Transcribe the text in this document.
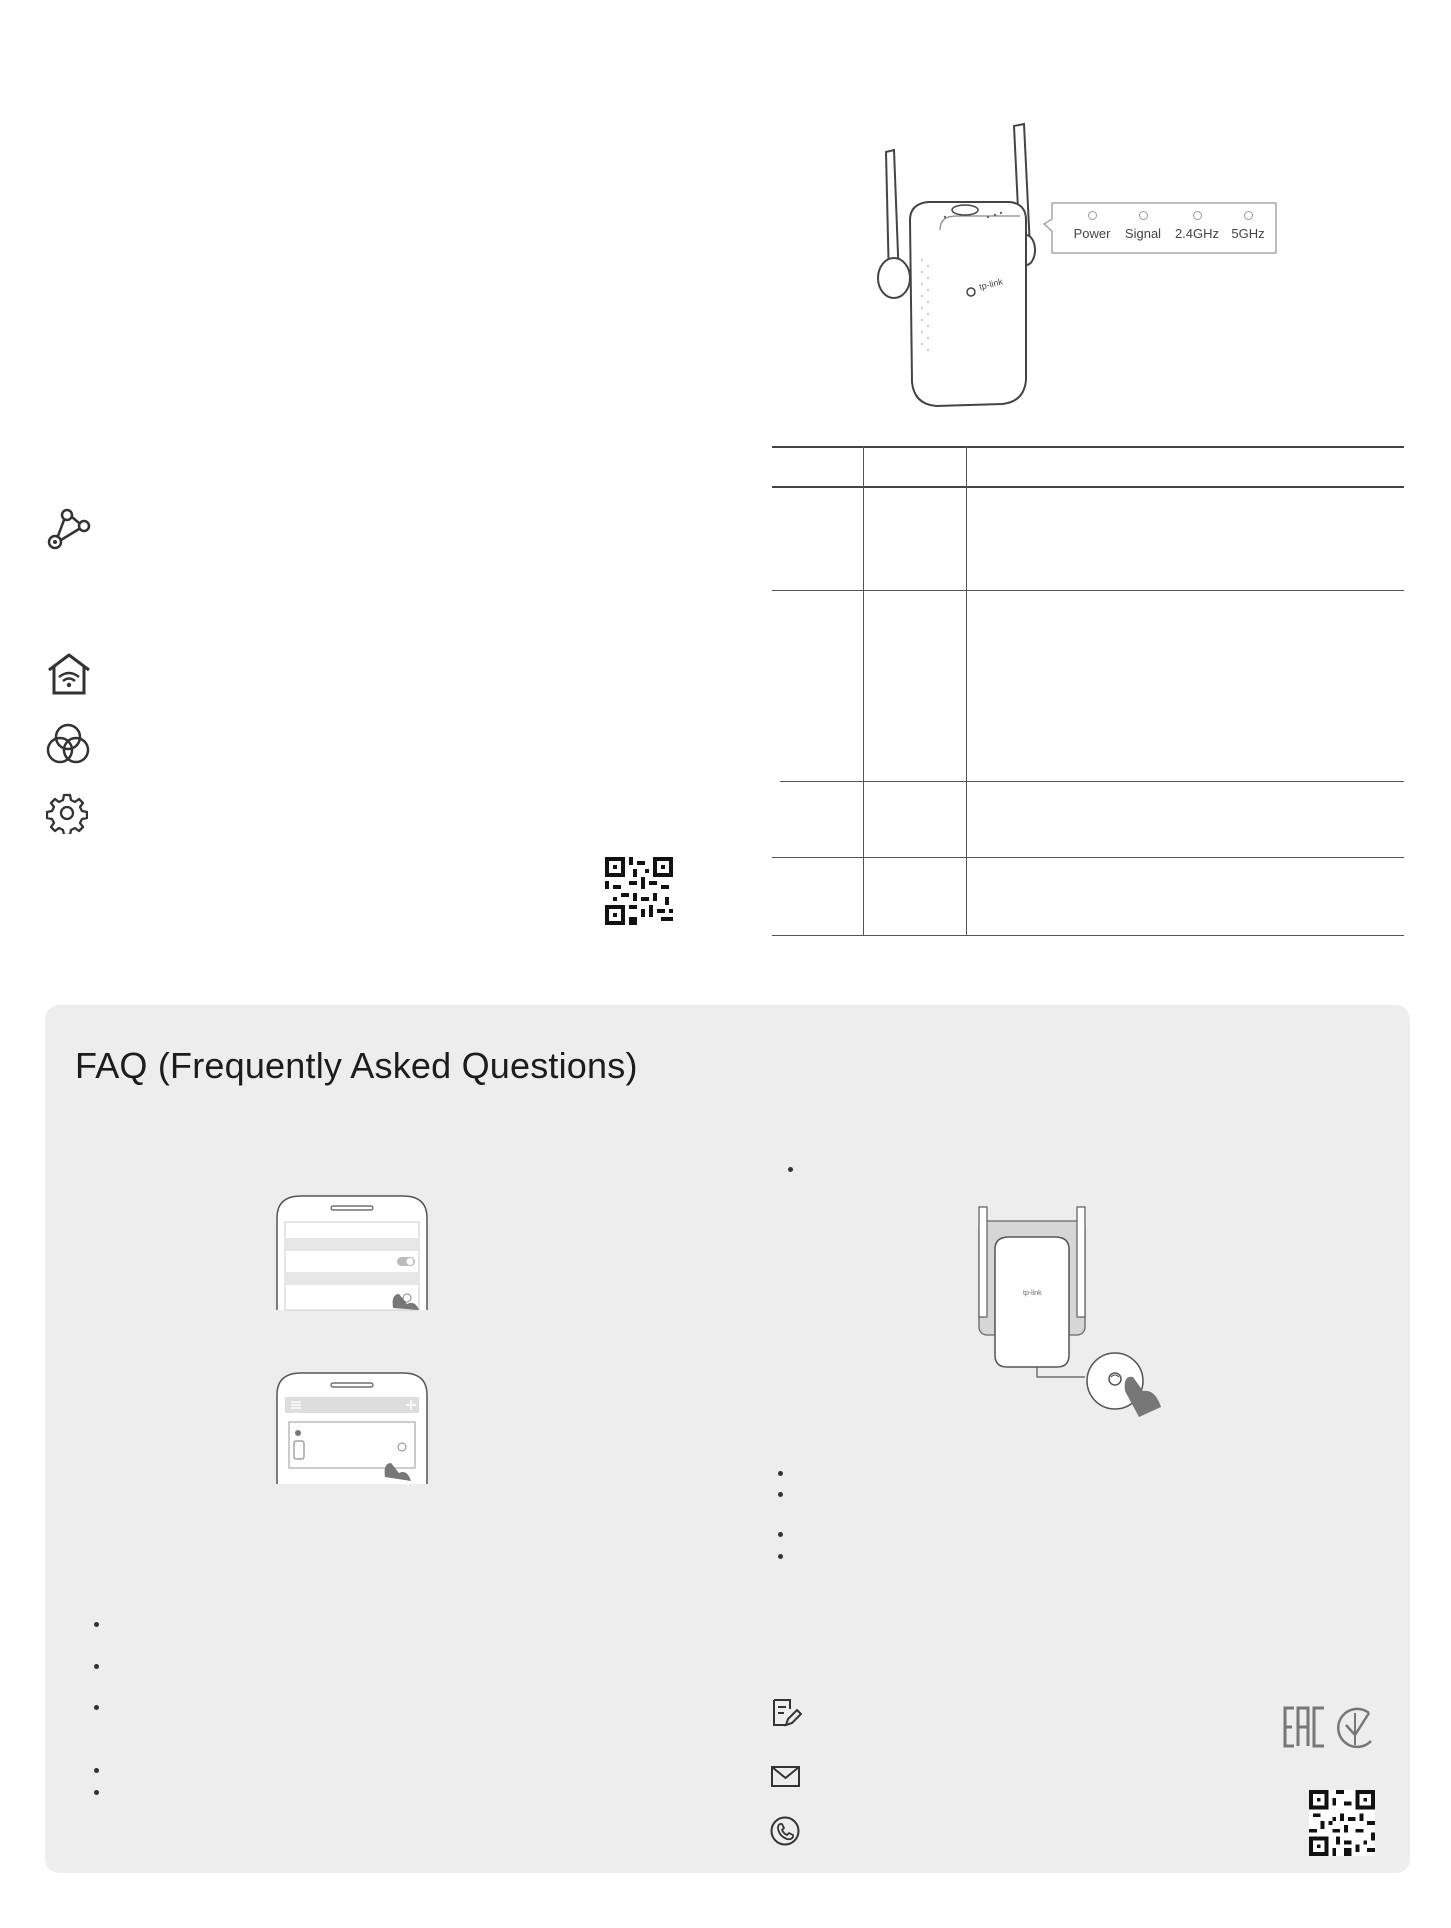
tp-link
Power	Signal	2.4GHz 5GHz
FAQ (Frequently Asked Questions)
tp-link
